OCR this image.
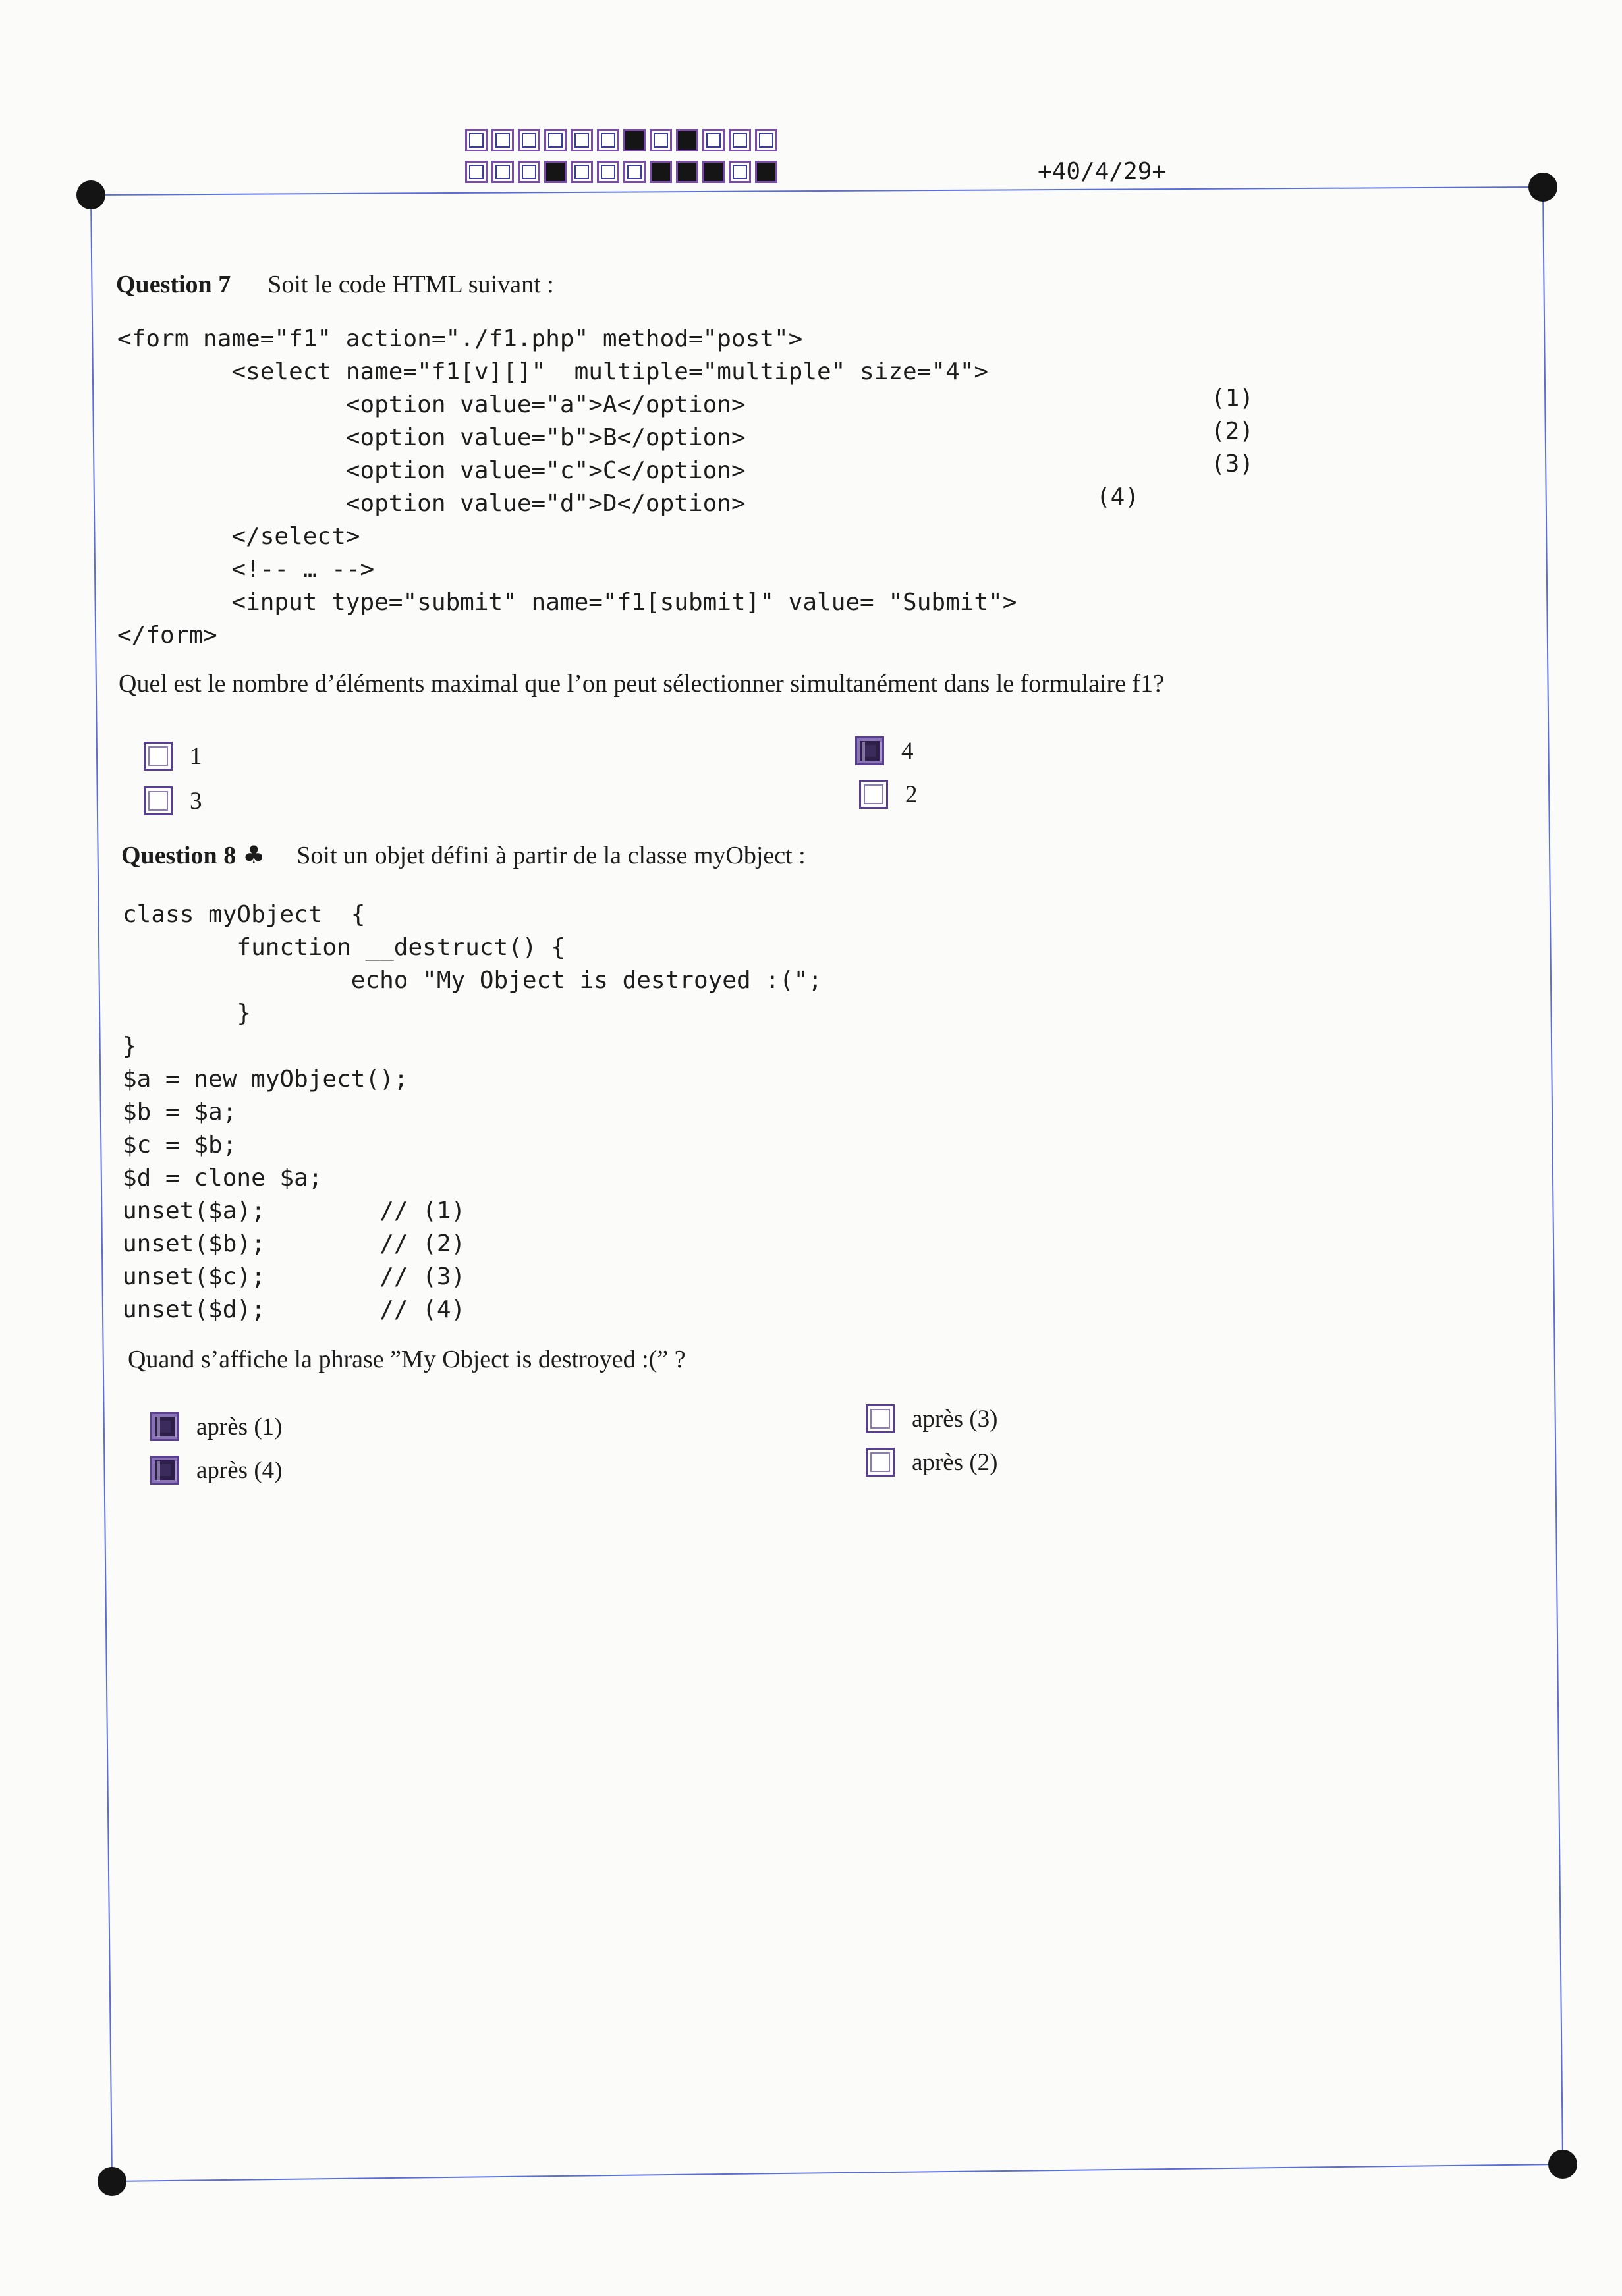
+40/4/29+
Question 7 Soit le code HTML suivant :
<form name="f1" action="./f1.php" method="post">
<select name="f1[v][]"  multiple="multiple" size="4">
<option value="a">A</option>
<option value="b">B</option>
<option value="c">C</option>
<option value="d">D</option>
</select>
<!-- … -->
<input type="submit" name="f1[submit]" value= "Submit">
</form>
(1)
(2)
(3)
(4)
Quel est le nombre d’éléments maximal que l’on peut sélectionner simultanément dans le formulaire f1?
1
3
4
2
Question 8 ♣ Soit un objet défini à partir de la classe myObject :
class myObject  {
function __destruct() {
echo "My Object is destroyed :(";
}
}
$a = new myObject();
$b = $a;
$c = $b;
$d = clone $a;
unset($a);        // (1)
unset($b);        // (2)
unset($c);        // (3)
unset($d);        // (4)
Quand s’affiche la phrase ”My Object is destroyed :(” ?
après (1)
après (4)
après (3)
après (2)
